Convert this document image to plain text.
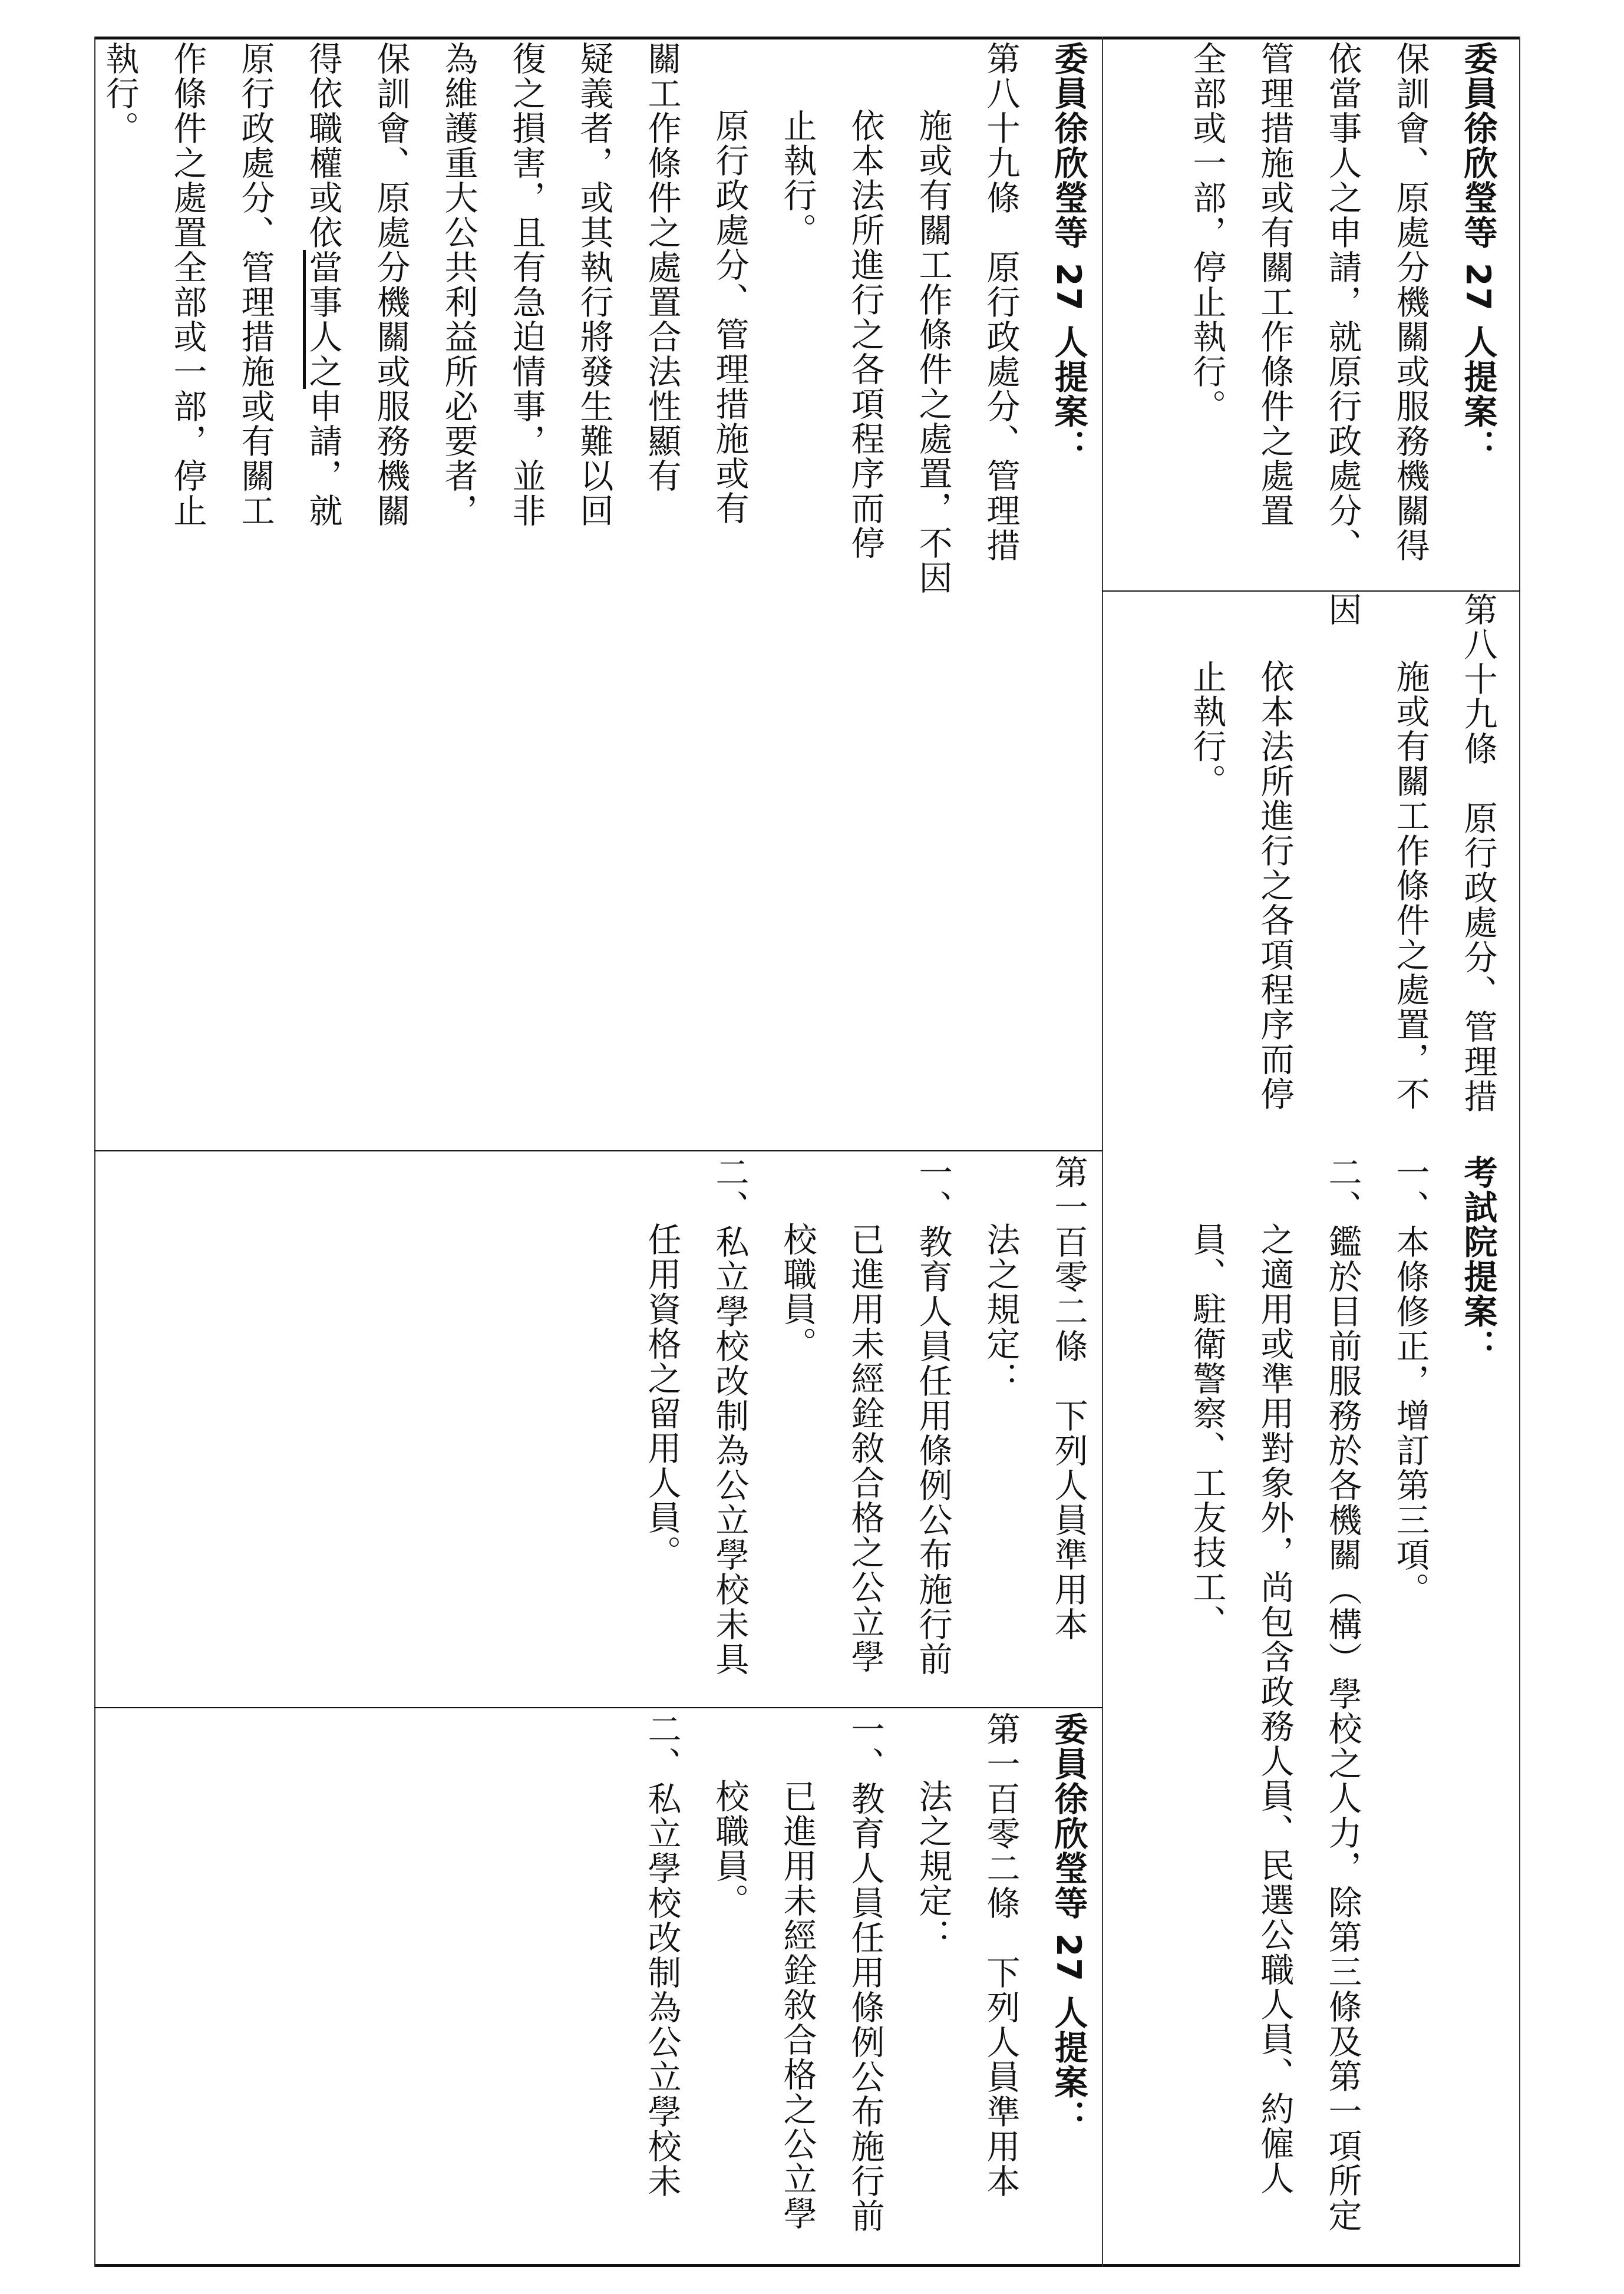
委員徐欣瑩等 27 人提案：

保訓會、原處分機關或服務機關得

依當事人之申請，就原行政處分、

管理措施或有關工作條件之處置

全部或一部，停止執行。

第八十九條　原行政處分、管理措

施或有關工作條件之處置，不因

依本法所進行之各項程序而停

止執行。

委員徐欣瑩等 27 人提案：

第八十九條　原行政處分、管理措

施或有關工作條件之處置，不因

依本法所進行之各項程序而停

止執行。

原行政處分、管理措施或有

關工作條件之處置合法性顯有

疑義者，或其執行將發生難以回

復之損害，且有急迫情事，並非

為維護重大公共利益所必要者，

保訓會、原處分機關或服務機關

得依職權或依當事人之申請，就

原行政處分、管理措施或有關工

作條件之處置全部或一部，停止

執行。

第一百零二條　下列人員準用本

法之規定：

一、教育人員任用條例公布施行前已進用未經銓敘合格之公立學校職員。

二、私立學校改制為公立學校未具任用資格之留用人員。

委員徐欣瑩等 27 人提案：

第一百零二條　下列人員準用本

法之規定：

一、教育人員任用條例公布施行前已進用未經銓敘合格之公立學校職員。

二、私立學校改制為公立學校未

考試院提案：

一、本條修正，增訂第三項。

二、鑑於目前服務於各機關（構）學校之人力，除第三條及第一項所定之適用或準用對象外，尚包含政務人員、民選公職人員、約僱人員、駐衛警察、工友技工、
